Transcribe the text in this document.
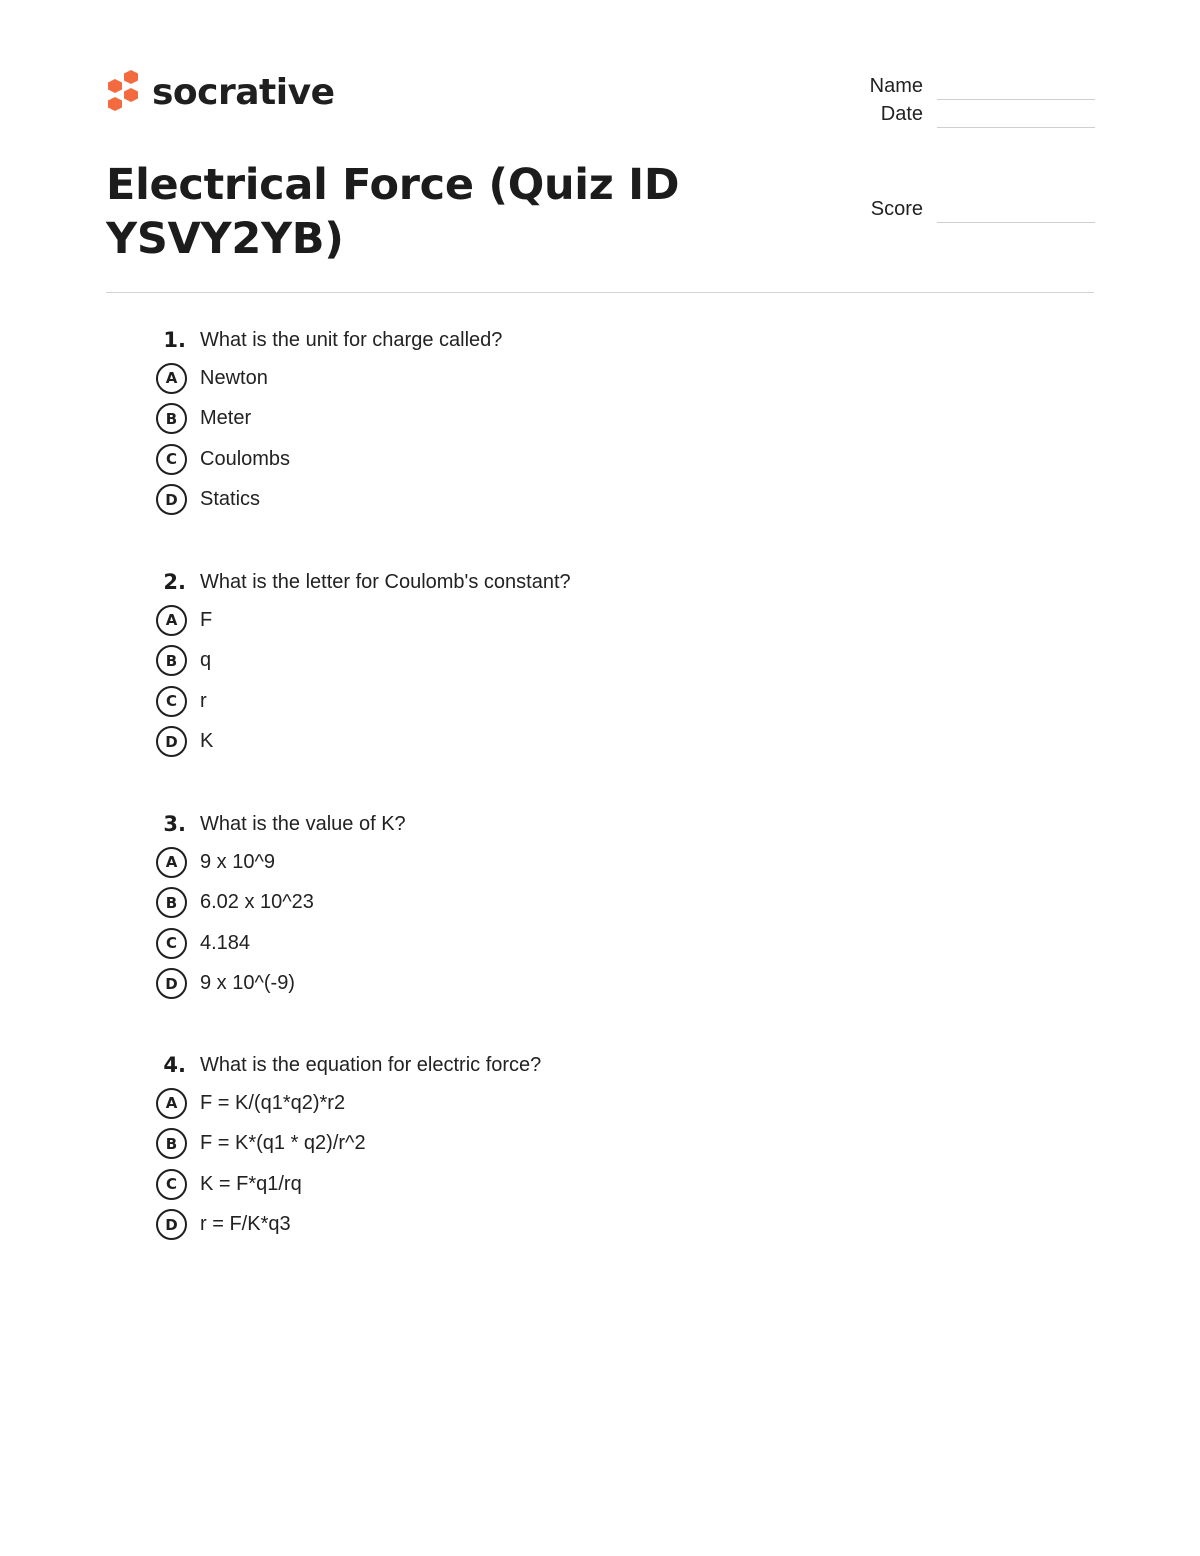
socrative	Name
Date
Score
Electrical Force (Quiz ID YSVY2YB)
1. What is the unit for charge called?
A	Newton
B	Meter
C	Coulombs
D	Statics
2. What is the letter for Coulomb's constant?
A	F
B	q
C	r
D	K
3. What is the value of K?
A	9 x 10^9
B	6.02 x 10^23
C	4.184
D	9 x 10^(-9)
4. What is the equation for electric force?
A	F = K/(q1*q2)*r2
B	F = K*(q1 * q2)/r^2
C	K = F*q1/rq
D	r = F/K*q3
